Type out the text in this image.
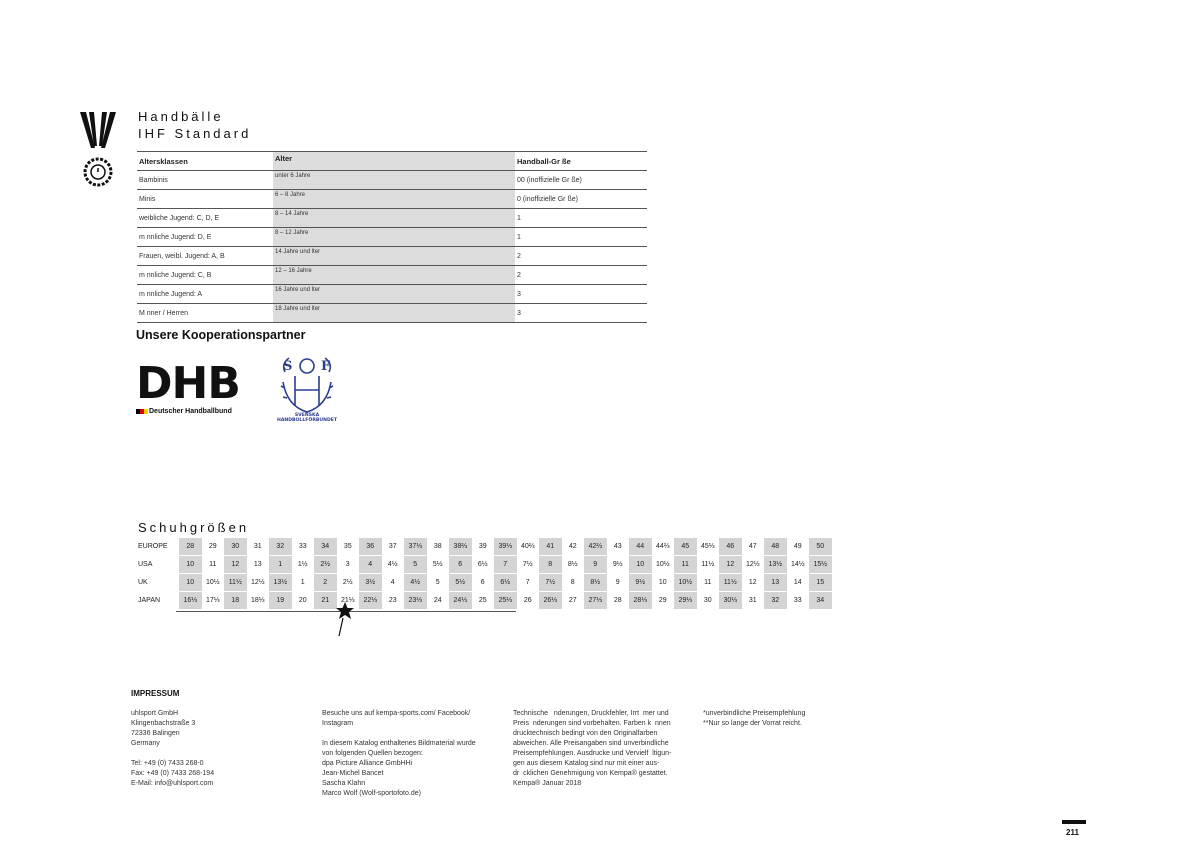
Handbälle
IHF Standard
Altersklassen	Alter	Handball-Gr ße
Bambinis	unter 6 Jahre	00 (inoffizielle Gr ße)
Minis	6 – 8 Jahre	0 (inoffizielle Gr ße)
weibliche Jugend: C, D, E	8 – 14 Jahre	1
m nnliche Jugend: D, E	8 – 12 Jahre	1
Frauen, weibl. Jugend: A, B	14 Jahre und lter	2
m nnliche Jugend: C, B	12 – 16 Jahre	2
m nnliche Jugend: A	16 Jahre und lter	3
M nner / Herren	18 Jahre und lter	3
Unsere Kooperationspartner
DHB
Deutscher Handballbund
S F
SVENSKA
HANDBOLLFÖRBUNDET
Schuhgrößen
EUROPE	28	29	30	31	32	33	34	35	36	37	37⅓	38	38⅔	39	39⅓	40⅔	41	42	42⅔	43	44	44⅔	45	45⅓	46	47	48	49	50
USA	10	11	12	13	1	1½	2½	3	4	4½	5	5½	6	6½	7	7½	8	8½	9	9½	10	10½	11	11½	12	12½	13½	14½	15½
UK	10	10½	11½	12½	13½	1	2	2½	3½	4	4½	5	5½	6	6½	7	7½	8	8½	9	9½	10	10½	11	11½	12	13	14	15
JAPAN	16⅓	17⅓	18	18⅓	19	20	21	21⅓	22⅓	23	23⅓	24	24⅓	25	25⅓	26	26⅓	27	27⅓	28	28⅓	29	29⅓	30	30⅓	31	32	33	34
IMPRESSUM
uhlsport GmbH
Klingenbachstraße 3
72336 Balingen
Germany

Tel: +49 (0) 7433 268-0
Fax: +49 (0) 7433 268-194
E-Mail: info@uhlsport.com
Besuche uns auf kempa-sports.com/ Facebook/
Instagram

In diesem Katalog enthaltenes Bildmaterial wurde
von folgenden Quellen bezogen:
dpa Picture Alliance GmbHHi
Jean-Michel Bancet
Sascha Klahn
Marco Wolf (Wolf-sportofoto.de)
Technische   nderungen, Druckfehler, Irrt  mer und
Preis  nderungen sind vorbehalten. Farben k  nnen
drucktechnisch bedingt von den Originalfarben
abweichen. Alle Preisangaben sind unverbindliche
Preisempfehlungen. Ausdrucke und Vervielf  ltigun-
gen aus diesem Katalog sind nur mit einer aus-
dr  cklichen Genehmigung von Kempa® gestattet.
Kempa® Januar 2018
*unverbindliche Preisempfehlung
**Nur so lange der Vorrat reicht.
211
